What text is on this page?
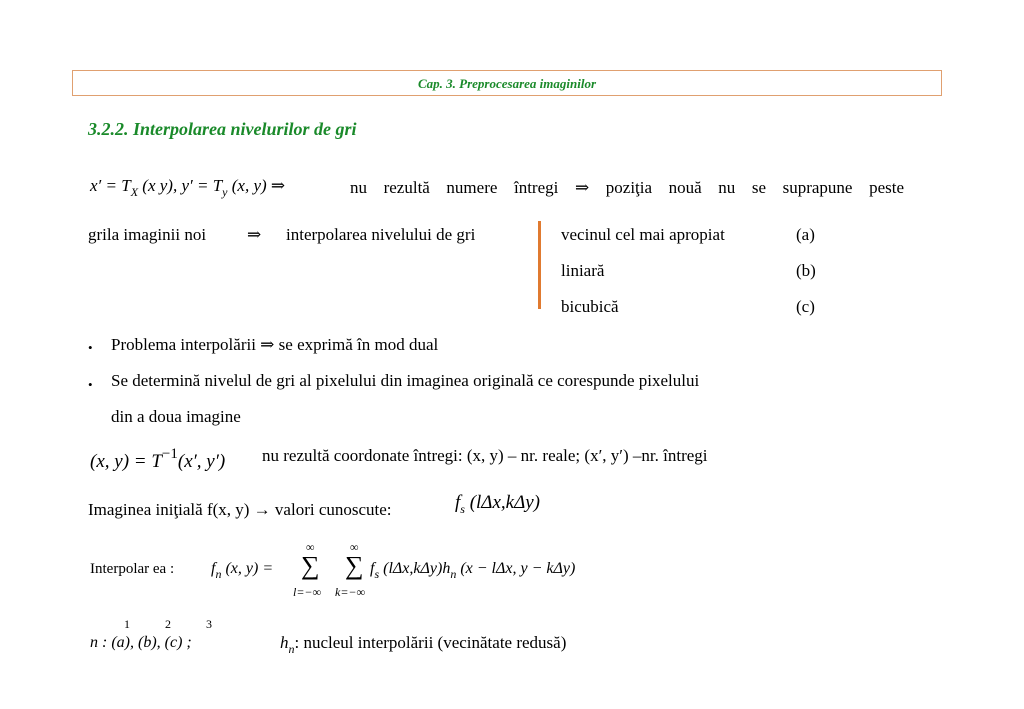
Cap. 3. Preprocesarea imaginilor
3.2.2. Interpolarea nivelurilor de gri
$x' = T_X$ (x y), $y' = T_y$ (x, y) ⇒	nu rezultă numere întregi ⇒ poziţia nouă nu se suprapune peste
grila imaginii noi ⇒ interpolarea nivelului de gri	vecinul cel mai apropiat	(a)
liniară	(b)
bicubică	(c)
• Problema interpolării ⇒ se exprimă în mod dual
• Se determină nivelul de gri al pixelului din imaginea originală ce corespunde pixelului
din a doua imagine
(x, $y) = T^{-1}(x'$, y′) nu rezultă coordonate întregi: (x, y) – nr. reale; (x′, y′) –nr. întregi
Imaginea iniţială f(x, y) → valori cunoscute:	$f_s$ (lΔx,kΔy)
Interpolar ea : $f_n$ (x, y) =
∞
∑
l=−∞
∞
∑
k=−∞
$f_s$ $(l\Delta x,k\Delta y)h_n$ (x − lΔx, y − kΔy)
1	2	3
n : (a), (b), (c) ;	$h_n$: nucleul interpolării (vecinătate redusă)
